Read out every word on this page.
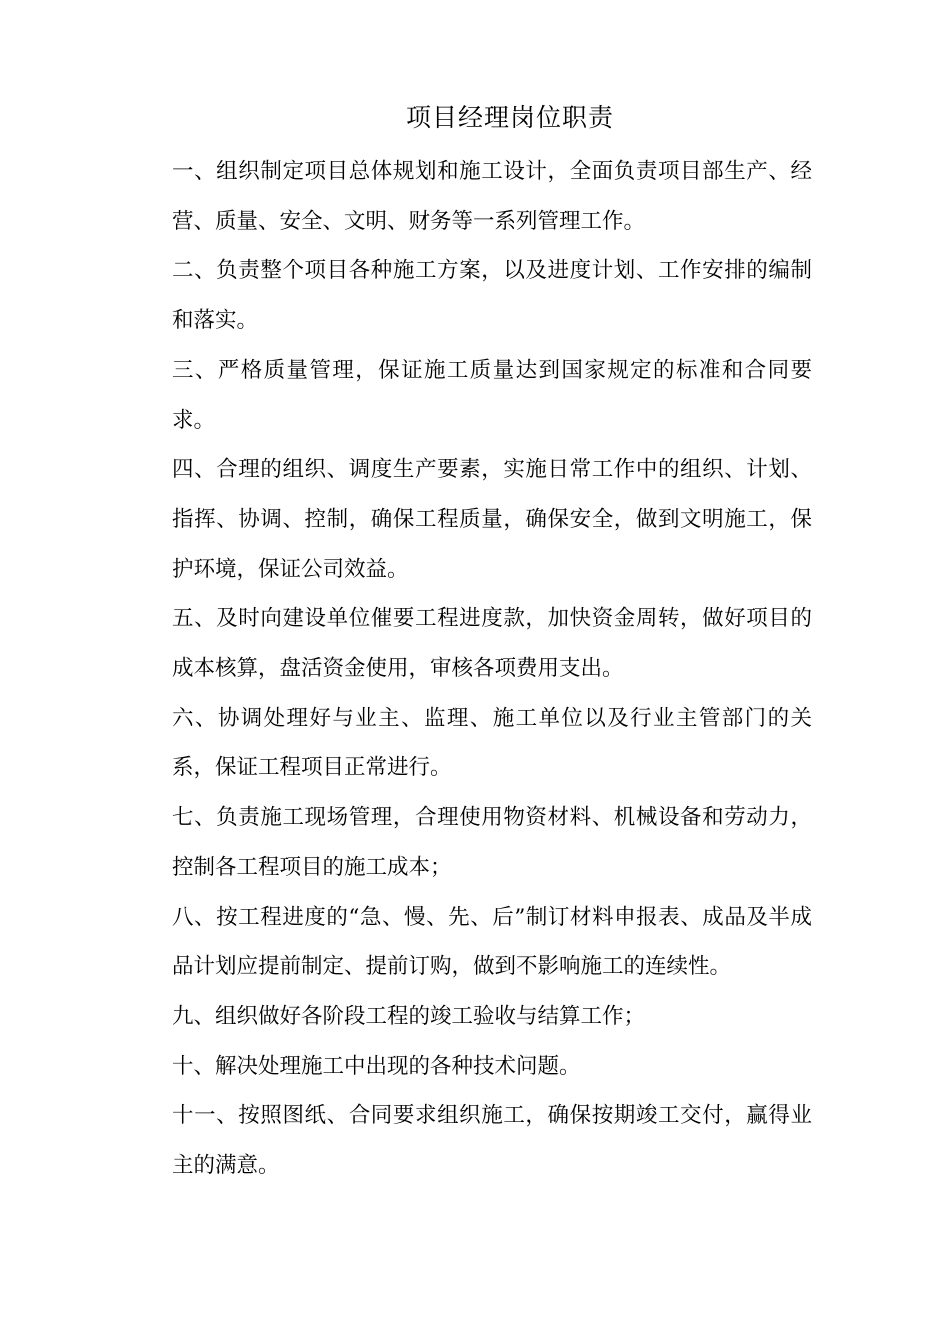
项目经理岗位职责

一、组织制定项目总体规划和施工设计，全面负责项目部生产、经营、质量、安全、文明、财务等一系列管理工作。

二、负责整个项目各种施工方案，以及进度计划、工作安排的编制和落实。

三、严格质量管理，保证施工质量达到国家规定的标准和合同要求。

四、合理的组织、调度生产要素，实施日常工作中的组织、计划、指挥、协调、控制，确保工程质量，确保安全，做到文明施工，保护环境，保证公司效益。

五、及时向建设单位催要工程进度款，加快资金周转，做好项目的成本核算，盘活资金使用，审核各项费用支出。

六、协调处理好与业主、监理、施工单位以及行业主管部门的关系，保证工程项目正常进行。

七、负责施工现场管理，合理使用物资材料、机械设备和劳动力，控制各工程项目的施工成本；

八、按工程进度的“急、慢、先、后”制订材料申报表、成品及半成品计划应提前制定、提前订购，做到不影响施工的连续性。

九、组织做好各阶段工程的竣工验收与结算工作；

十、解决处理施工中出现的各种技术问题。

十一、按照图纸、合同要求组织施工，确保按期竣工交付，赢得业主的满意。
